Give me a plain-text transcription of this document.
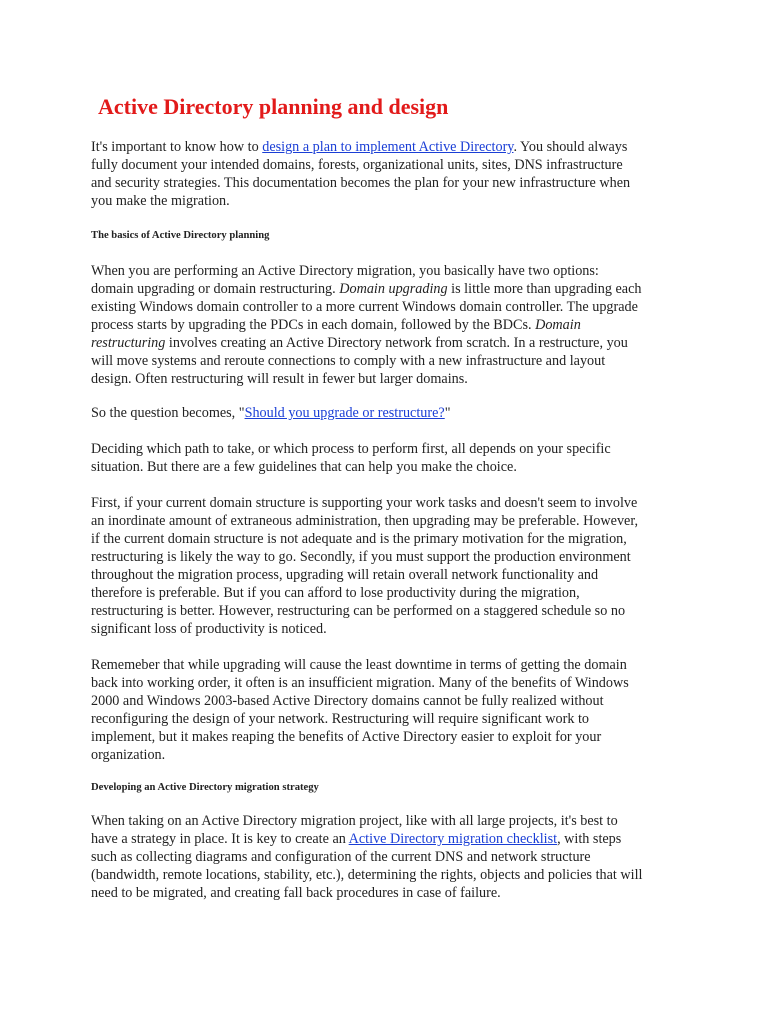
Active Directory planning and design

It's important to know how to design a plan to implement Active Directory. You should always
fully document your intended domains, forests, organizational units, sites, DNS infrastructure
and security strategies. This documentation becomes the plan for your new infrastructure when
you make the migration.

The basics of Active Directory planning

When you are performing an Active Directory migration, you basically have two options:
domain upgrading or domain restructuring. Domain upgrading is little more than upgrading each
existing Windows domain controller to a more current Windows domain controller. The upgrade
process starts by upgrading the PDCs in each domain, followed by the BDCs. Domain
restructuring involves creating an Active Directory network from scratch. In a restructure, you
will move systems and reroute connections to comply with a new infrastructure and layout
design. Often restructuring will result in fewer but larger domains.

So the question becomes, "Should you upgrade or restructure?"

Deciding which path to take, or which process to perform first, all depends on your specific
situation. But there are a few guidelines that can help you make the choice.

First, if your current domain structure is supporting your work tasks and doesn't seem to involve
an inordinate amount of extraneous administration, then upgrading may be preferable. However,
if the current domain structure is not adequate and is the primary motivation for the migration,
restructuring is likely the way to go. Secondly, if you must support the production environment
throughout the migration process, upgrading will retain overall network functionality and
therefore is preferable. But if you can afford to lose productivity during the migration,
restructuring is better. However, restructuring can be performed on a staggered schedule so no
significant loss of productivity is noticed.

Rememeber that while upgrading will cause the least downtime in terms of getting the domain
back into working order, it often is an insufficient migration. Many of the benefits of Windows
2000 and Windows 2003-based Active Directory domains cannot be fully realized without
reconfiguring the design of your network. Restructuring will require significant work to
implement, but it makes reaping the benefits of Active Directory easier to exploit for your
organization.

Developing an Active Directory migration strategy

When taking on an Active Directory migration project, like with all large projects, it's best to
have a strategy in place. It is key to create an Active Directory migration checklist, with steps
such as collecting diagrams and configuration of the current DNS and network structure
(bandwidth, remote locations, stability, etc.), determining the rights, objects and policies that will
need to be migrated, and creating fall back procedures in case of failure.
